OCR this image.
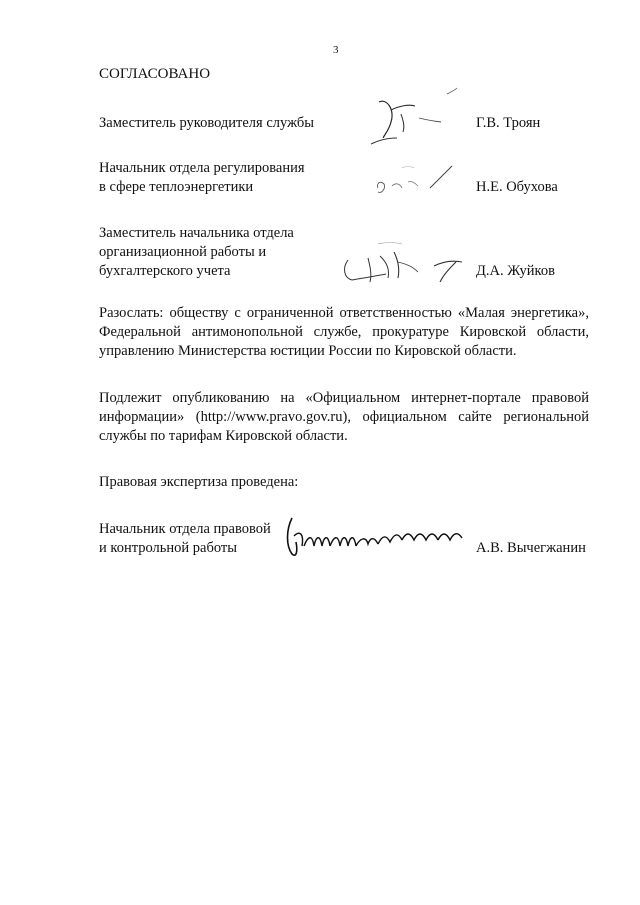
3
СОГЛАСОВАНО
Заместитель руководителя службы	Г.В. Троян
Начальник отдела регулирования
в сфере теплоэнергетики	Н.Е. Обухова
Заместитель начальника отдела
организационной работы и
бухгалтерского учета	Д.А. Жуйков
Разослать: обществу с ограниченной ответственностью «Малая энергетика»,
Федеральной антимонопольной службе, прокуратуре Кировской области,
управлению Министерства юстиции России по Кировской области.
Подлежит опубликованию на «Официальном интернет-портале правовой
информации» (http://www.pravo.gov.ru), официальном сайте региональной
службы по тарифам Кировской области.
Правовая экспертиза проведена:
Начальник отдела правовой
и контрольной работы	А.В. Вычегжанин
